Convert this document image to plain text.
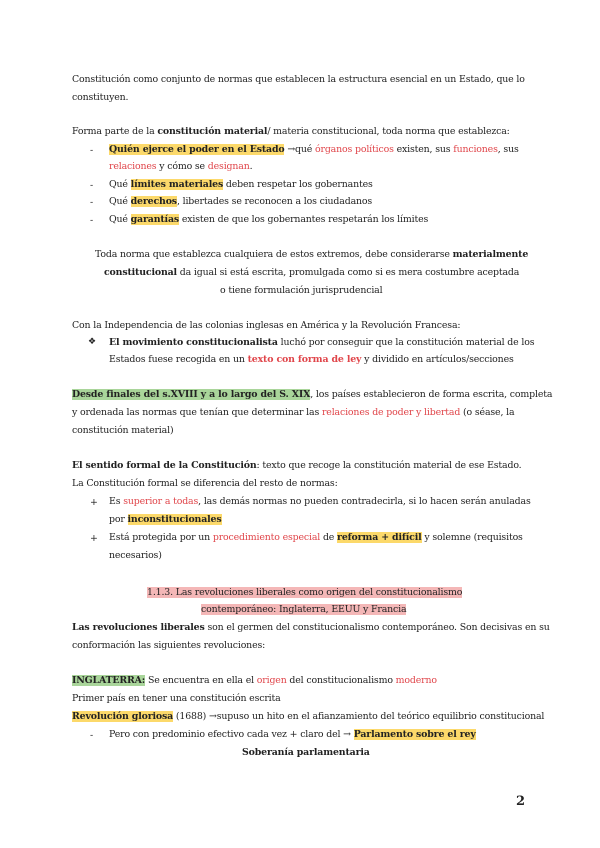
Constitución como conjunto de normas que establecen la estructura esencial en un Estado, que lo
constituyen.
Forma parte de la constitución material/ materia constitucional, toda norma que establezca:
- Quién ejerce el poder en el Estado →qué órganos políticos existen, sus funciones, sus
relaciones y cómo se designan.
- Qué límites materiales deben respetar los gobernantes
- Qué derechos, libertades se reconocen a los ciudadanos
- Qué garantías existen de que los gobernantes respetarán los límites
Toda norma que establezca cualquiera de estos extremos, debe considerarse materialmente
constitucional da igual si está escrita, promulgada como si es mera costumbre aceptada
o tiene formulación jurisprudencial
Con la Independencia de las colonias inglesas en América y la Revolución Francesa:
❖ El movimiento constitucionalista luchó por conseguir que la constitución material de los
Estados fuese recogida en un texto con forma de ley y dividido en artículos/secciones
Desde finales del s.XVIII y a lo largo del S. XIX, los países establecieron de forma escrita, completa
y ordenada las normas que tenían que determinar las relaciones de poder y libertad (o séase, la
constitución material)
El sentido formal de la Constitución: texto que recoge la constitución material de ese Estado.
La Constitución formal se diferencia del resto de normas:
+ Es superior a todas, las demás normas no pueden contradecirla, si lo hacen serán anuladas
por inconstitucionales
+ Está protegida por un procedimiento especial de reforma + difícil y solemne (requisitos
necesarios)
1.1.3. Las revoluciones liberales como origen del constitucionalismo
contemporáneo: Inglaterra, EEUU y Francia
Las revoluciones liberales son el germen del constitucionalismo contemporáneo. Son decisivas en su
conformación las siguientes revoluciones:
INGLATERRA: Se encuentra en ella el origen del constitucionalismo moderno
Primer país en tener una constitución escrita
Revolución gloriosa (1688) →supuso un hito en el afianzamiento del teórico equilibrio constitucional
- Pero con predominio efectivo cada vez + claro del → Parlamento sobre el rey
Soberanía parlamentaria
2
